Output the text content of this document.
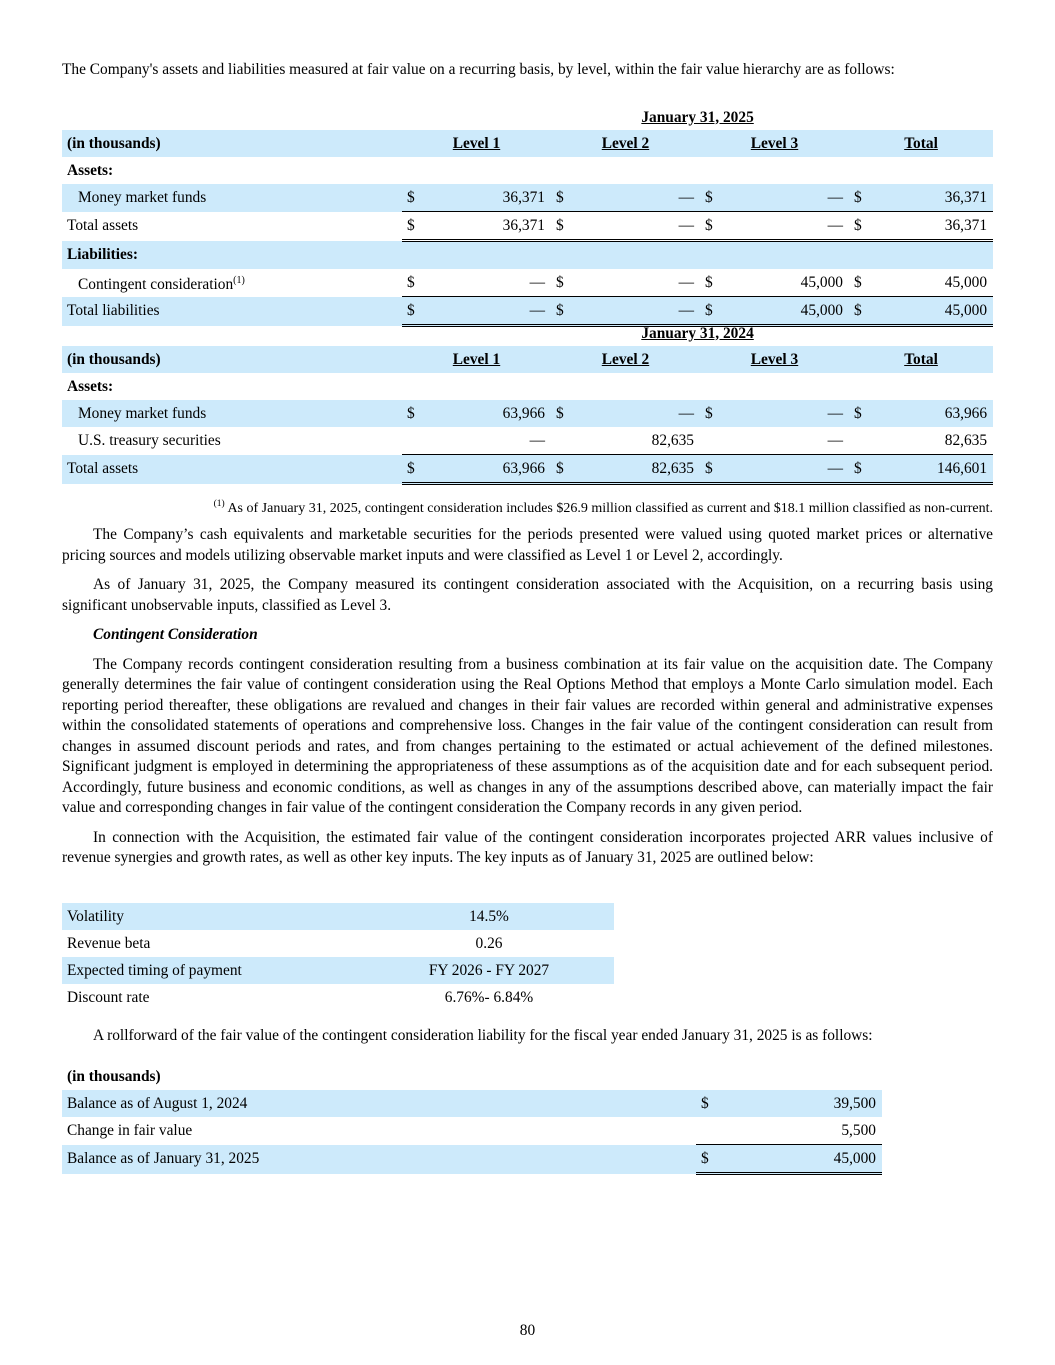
The Company's assets and liabilities measured at fair value on a recurring basis, by level, within the fair value hierarchy are as follows:

	January 31, 2025							
(in thousands)	Level 1		Level 2		Level 3		Total	
Assets:								
Money market funds	$	36,371	$	—	$	—	$	36,371
Total assets	$	36,371	$	—	$	—	$	36,371
Liabilities:								
Contingent consideration$^{(1)}$	$	—	$	—	$	45,000	$	45,000
Total liabilities	$	—	$	—	$	45,000	$	45,000
	January 31, 2024							
(in thousands)	Level 1		Level 2		Level 3		Total	
Assets:								
Money market funds	$	63,966	$	—	$	—	$	63,966
U.S. treasury securities		—		82,635		—		82,635
Total assets	$	63,966	$	82,635	$	—	$	146,601

$^{(1)}$ As of January 31, 2025, contingent consideration includes $26.9 million classified as current and $18.1 million classified as non-current.

The Company’s cash equivalents and marketable securities for the periods presented were valued using quoted market prices or alternative pricing sources and models utilizing observable market inputs and were classified as Level 1 or Level 2, accordingly.

As of January 31, 2025, the Company measured its contingent consideration associated with the Acquisition, on a recurring basis using significant unobservable inputs, classified as Level 3.

Contingent Consideration

The Company records contingent consideration resulting from a business combination at its fair value on the acquisition date. The Company generally determines the fair value of contingent consideration using the Real Options Method that employs a Monte Carlo simulation model. Each reporting period thereafter, these obligations are revalued and changes in their fair values are recorded within general and administrative expenses within the consolidated statements of operations and comprehensive loss. Changes in the fair value of the contingent consideration can result from changes in assumed discount periods and rates, and from changes pertaining to the estimated or actual achievement of the defined milestones. Significant judgment is employed in determining the appropriateness of these assumptions as of the acquisition date and for each subsequent period. Accordingly, future business and economic conditions, as well as changes in any of the assumptions described above, can materially impact the fair value and corresponding changes in fair value of the contingent consideration the Company records in any given period.

In connection with the Acquisition, the estimated fair value of the contingent consideration incorporates projected ARR values inclusive of revenue synergies and growth rates, as well as other key inputs. The key inputs as of January 31, 2025 are outlined below:

Volatility	14.5%
Revenue beta	0.26
Expected timing of payment	FY 2026 - FY 2027
Discount rate	6.76%- 6.84%

A rollforward of the fair value of the contingent consideration liability for the fiscal year ended January 31, 2025 is as follows:

(in thousands)		
Balance as of August 1, 2024	$	39,500
Change in fair value		5,500
Balance as of January 31, 2025	$	45,000
80
